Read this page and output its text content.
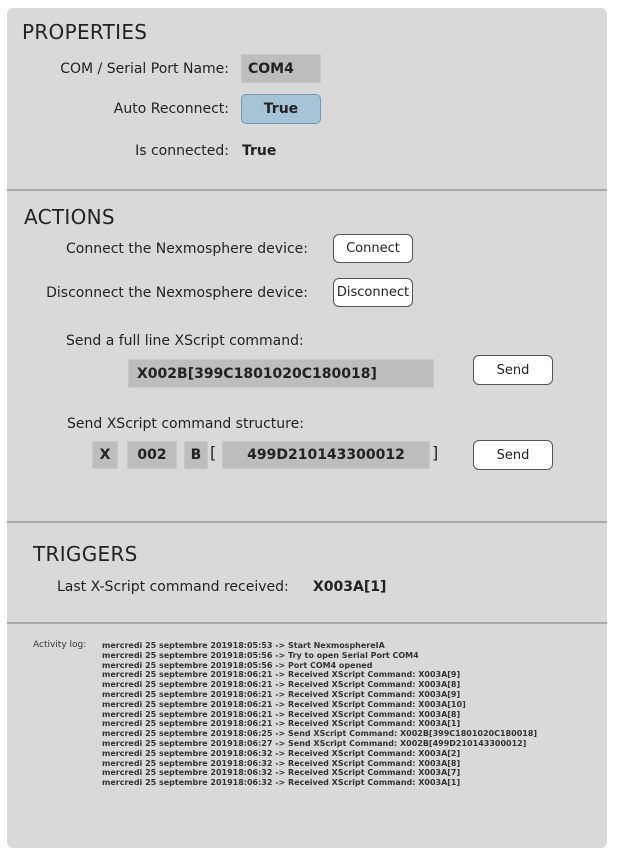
PROPERTIES
COM / Serial Port Name:	COM4
Auto Reconnect:	True
Is connected: True
ACTIONS
Connect the Nexmosphere device:	Connect
Disconnect the Nexmosphere device: Disconnect
Send a full line XScript command:
X002B[399C1801020C180018]	Send
Send XScript command structure:
X	002	B [	499D210143300012	]	Send
TRIGGERS
Last X-Script command received: X003A[1]
Activity log: mercredi 25 septembre 201918:05:53 -> Start NexmosphereIA
mercredi 25 septembre 201918:05:56 -> Try to open Serial Port COM4
mercredi 25 septembre 201918:05:56 -> Port COM4 opened
mercredi 25 septembre 201918:06:21 -> Received XScript Command: X003A[9]
mercredi 25 septembre 201918:06:21 -> Received XScript Command: X003A[8]
mercredi 25 septembre 201918:06:21 -> Received XScript Command: X003A[9]
mercredi 25 septembre 201918:06:21 -> Received XScript Command: X003A[10]
mercredi 25 septembre 201918:06:21 -> Received XScript Command: X003A[8]
mercredi 25 septembre 201918:06:21 -> Received XScript Command: X003A[1]
mercredi 25 septembre 201918:06:25 -> Send XScript Command: X002B[399C1801020C180018]
mercredi 25 septembre 201918:06:27 -> Send XScript Command: X002B[499D210143300012]
mercredi 25 septembre 201918:06:32 -> Received XScript Command: X003A[2]
mercredi 25 septembre 201918:06:32 -> Received XScript Command: X003A[8]
mercredi 25 septembre 201918:06:32 -> Received XScript Command: X003A[7]
mercredi 25 septembre 201918:06:32 -> Received XScript Command: X003A[1]
